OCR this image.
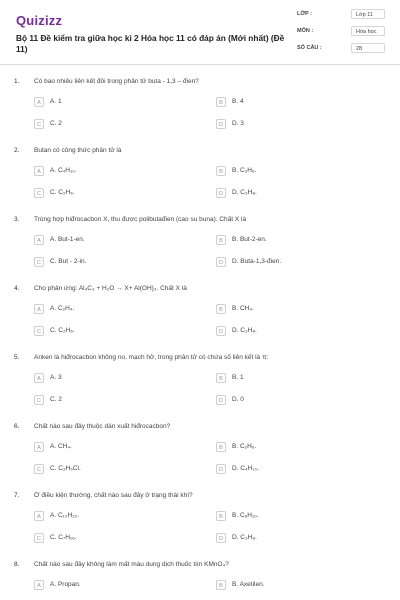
Quizizz
Bộ 11 Đề kiểm tra giữa học kì 2 Hóa học 11 có đáp án (Mới nhất) (Đề 11)
LỚP :	Lớp 11
MÔN :	Hóa học
SỐ CÂU :	28
1. Có bao nhiêu liên kết đôi trong phân tử buta - 1,3 – đien?
A	A. 1	B	B. 4
C	C. 2	D	D. 3
2. Butan có công thức phân tử là
A	A. C₄H₁₀.	B	B. C₃H₆.
C	C. C₂H₆.	D	D. C₃H₈.
3. Trùng hợp hiđrocacbon X, thu được polibutađien (cao su buna). Chất X là
A	A. But-1-en.	B	B. But-2-en.
C	C. But - 2-in.	D	D. Buta-1,3-đien.
4. Cho phản ứng: Al₄C₃ + H₂O → X+ Al(OH)₃. Chất X là
A	A. C₂H₄.	B	B. CH₄.
C	C. C₂H₆.	D	D. C₃H₈.
5. Anken là hiđrocacbon không no, mạch hở, trong phân tử có chứa số liên kết là π:
A	A. 3	B	B. 1
C	C. 2	D	D. 0
6. Chất nào sau đây thuộc dẫn xuất hiđrocacbon?
A	A. CH₄.	B	B. C₂H₆.
C	C. C₂H₅Cl.	D	D. C₄H₁₀.
7. Ở điều kiện thường, chất nào sau đây ở trạng thái khí?
A	A. C₁₀H₂₂.	B	B. C₆H₁₀.
C	C. C₇H₁₆.	D	D. C₃H₈.
8. Chất nào sau đây không làm mất màu dung dịch thuốc tím KMnO₄?
A	A. Propan.	B	B. Axetilen.
